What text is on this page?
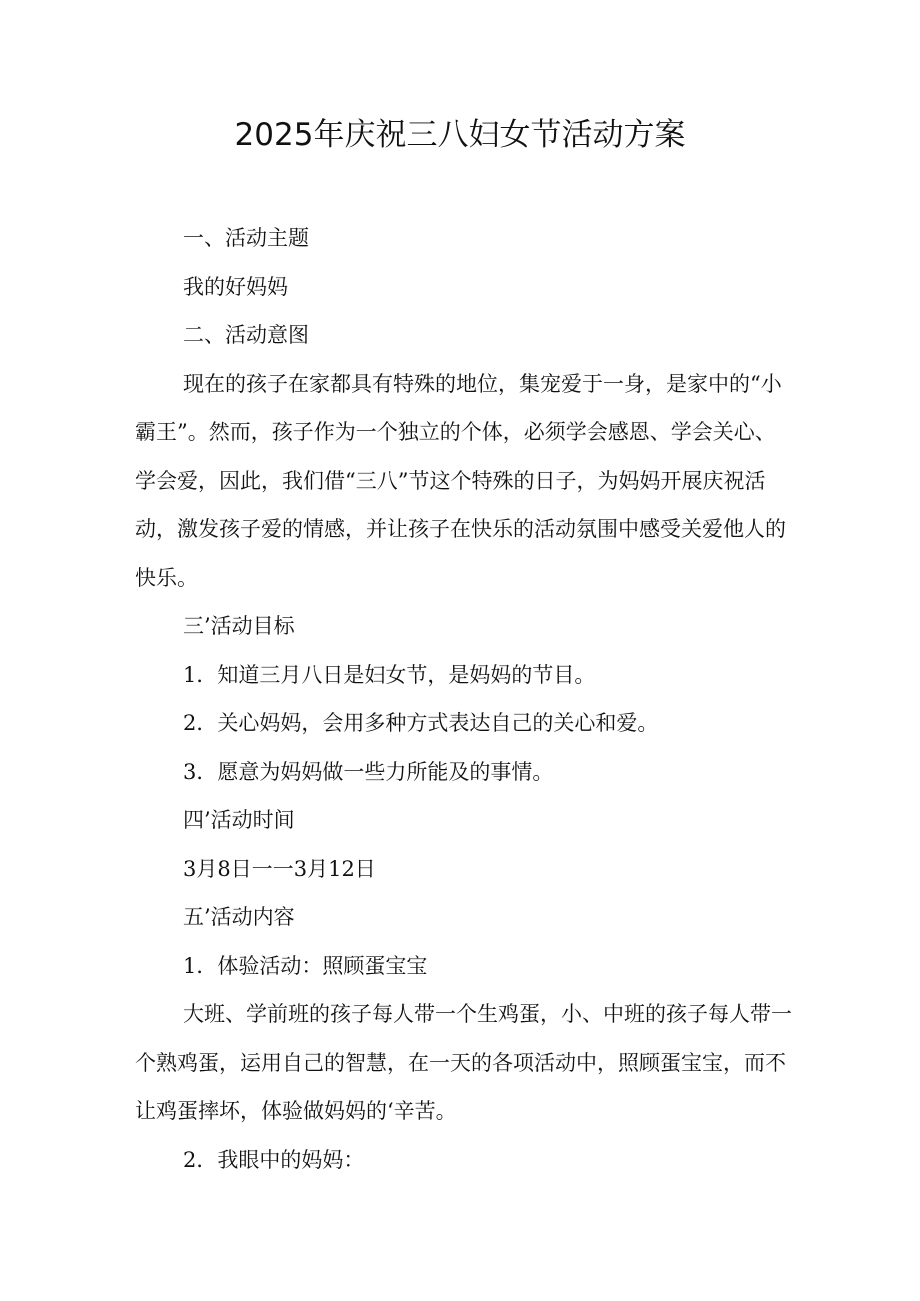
2025年庆祝三八妇女节活动方案

一、活动主题

我的好妈妈

二、活动意图

现在的孩子在家都具有特殊的地位，集宠爱于一身，是家中的“小霸王”。然而，孩子作为一个独立的个体，必须学会感恩、学会关心、学会爱，因此，我们借“三八”节这个特殊的日子，为妈妈开展庆祝活动，激发孩子爱的情感，并让孩子在快乐的活动氛围中感受关爱他人的快乐。

三’活动目标

1．知道三月八日是妇女节，是妈妈的节目。

2．关心妈妈，会用多种方式表达自己的关心和爱。

3．愿意为妈妈做一些力所能及的事情。

四’活动时间

3月8日一一3月12日

五’活动内容

1．体验活动：照顾蛋宝宝

大班、学前班的孩子每人带一个生鸡蛋，小、中班的孩子每人带一个熟鸡蛋，运用自己的智慧，在一天的各项活动中，照顾蛋宝宝，而不让鸡蛋摔坏，体验做妈妈的‘辛苦。

2．我眼中的妈妈：
